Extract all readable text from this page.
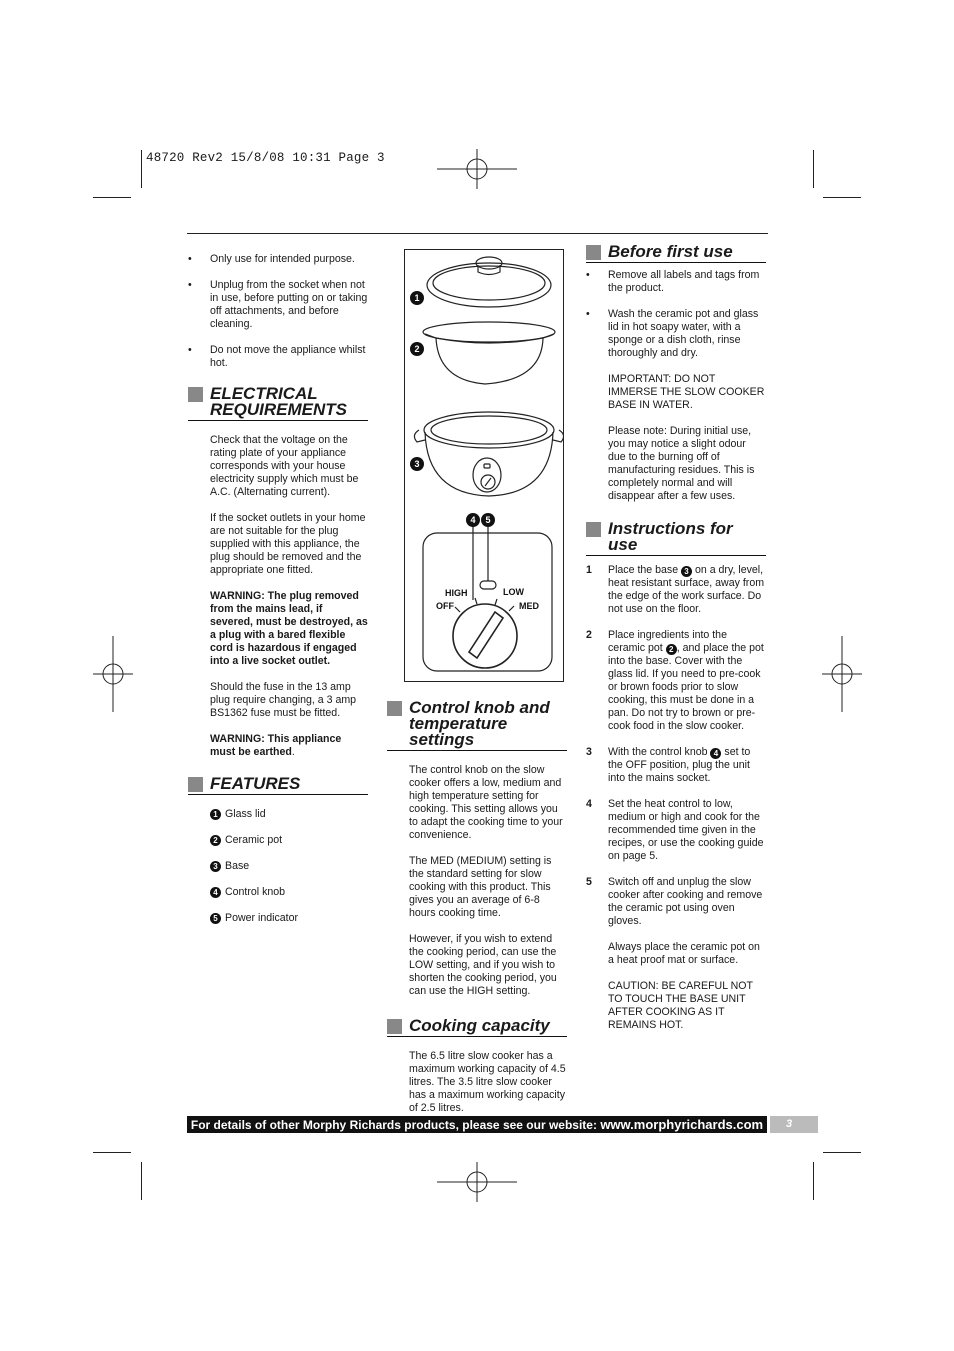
48720 Rev2 15/8/08 10:31 Page 3
• Only use for intended purpose.
• Unplug from the socket when not in use, before putting on or taking off attachments, and before cleaning.
• Do not move the appliance whilst hot.
ELECTRICAL
REQUIREMENTS
Check that the voltage on the rating plate of your appliance corresponds with your house electricity supply which must be A.C. (Alternating current).
If the socket outlets in your home are not suitable for the plug supplied with this appliance, the plug should be removed and the appropriate one fitted.
WARNING: The plug removed from the mains lead, if severed, must be destroyed, as a plug with a bared flexible cord is hazardous if engaged into a live socket outlet.
Should the fuse in the 13 amp plug require changing, a 3 amp BS1362 fuse must be fitted.
WARNING: This appliance must be earthed.
FEATURES
1 Glass lid
2 Ceramic pot
3 Base
4 Control knob
5 Power indicator
HIGH	LOW
OFF	MED
1
2
3
4 5
Control knob and
temperature
settings
The control knob on the slow cooker offers a low, medium and high temperature setting for cooking. This setting allows you to adapt the cooking time to your convenience.
The MED (MEDIUM) setting is the standard setting for slow cooking with this product. This gives you an average of 6-8 hours cooking time.
However, if you wish to extend the cooking period, can use the LOW setting, and if you wish to shorten the cooking period, you can use the HIGH setting.
Cooking capacity
The 6.5 litre slow cooker has a maximum working capacity of 4.5 litres. The 3.5 litre slow cooker has a maximum working capacity of 2.5 litres.
Before first use
• Remove all labels and tags from the product.
• Wash the ceramic pot and glass lid in hot soapy water, with a sponge or a dish cloth, rinse thoroughly and dry.
IMPORTANT: DO NOT IMMERSE THE SLOW COOKER BASE IN WATER.
Please note: During initial use, you may notice a slight odour due to the burning off of manufacturing residues. This is completely normal and will disappear after a few uses.
Instructions for
use
1 Place the base 3 on a dry, level, heat resistant surface, away from the edge of the work surface. Do not use on the floor.
2 Place ingredients into the ceramic pot 2 , and place the pot into the base. Cover with the glass lid. If you need to pre-cook or brown foods prior to slow cooking, this must be done in a pan. Do not try to brown or pre-cook food in the slow cooker.
3 With the control knob 4 set to the OFF position, plug the unit into the mains socket.
4 Set the heat control to low, medium or high and cook for the recommended time given in the recipes, or use the cooking guide on page 5.
5 Switch off and unplug the slow cooker after cooking and remove the ceramic pot using oven gloves.
Always place the ceramic pot on a heat proof mat or surface.
CAUTION: BE CAREFUL NOT TO TOUCH THE BASE UNIT AFTER COOKING AS IT REMAINS HOT.
For details of other Morphy Richards products, please see our website: www.morphyrichards.com	3
